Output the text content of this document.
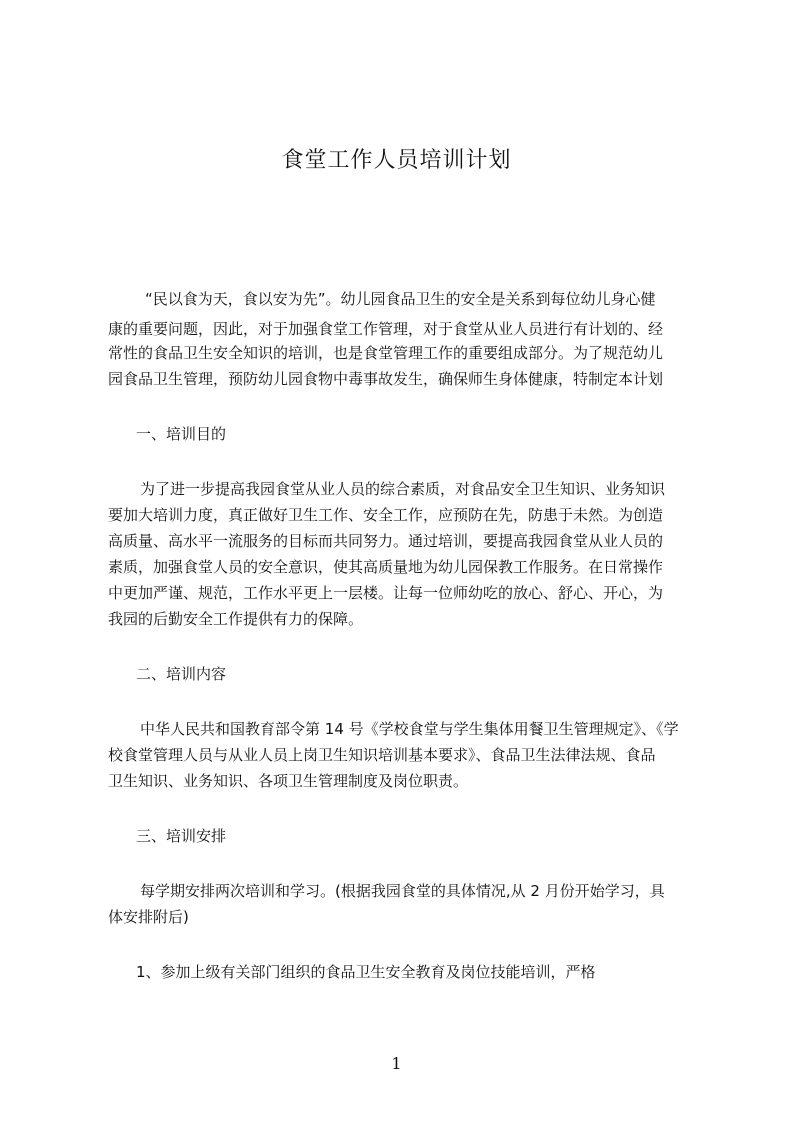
食堂工作人员培训计划
“民以食为天，食以安为先”。幼儿园食品卫生的安全是关系到每位幼儿身心健
康的重要问题，因此，对于加强食堂工作管理，对于食堂从业人员进行有计划的、经
常性的食品卫生安全知识的培训，也是食堂管理工作的重要组成部分。为了规范幼儿
园食品卫生管理，预防幼儿园食物中毒事故发生，确保师生身体健康，特制定本计划
一、培训目的
为了进一步提高我园食堂从业人员的综合素质，对食品安全卫生知识、业务知识
要加大培训力度，真正做好卫生工作、安全工作，应预防在先，防患于未然。为创造
高质量、高水平一流服务的目标而共同努力。通过培训，要提高我园食堂从业人员的
素质，加强食堂人员的安全意识，使其高质量地为幼儿园保教工作服务。在日常操作
中更加严谨、规范，工作水平更上一层楼。让每一位师幼吃的放心、舒心、开心，为
我园的后勤安全工作提供有力的保障。
二、培训内容
中华人民共和国教育部令第 14 号《学校食堂与学生集体用餐卫生管理规定》、《学
校食堂管理人员与从业人员上岗卫生知识培训基本要求》、食品卫生法律法规、食品
卫生知识、业务知识、各项卫生管理制度及岗位职责。
三、培训安排
每学期安排两次培训和学习。(根据我园食堂的具体情况,从 2 月份开始学习，具
体安排附后)
1、参加上级有关部门组织的食品卫生安全教育及岗位技能培训，严格
1
